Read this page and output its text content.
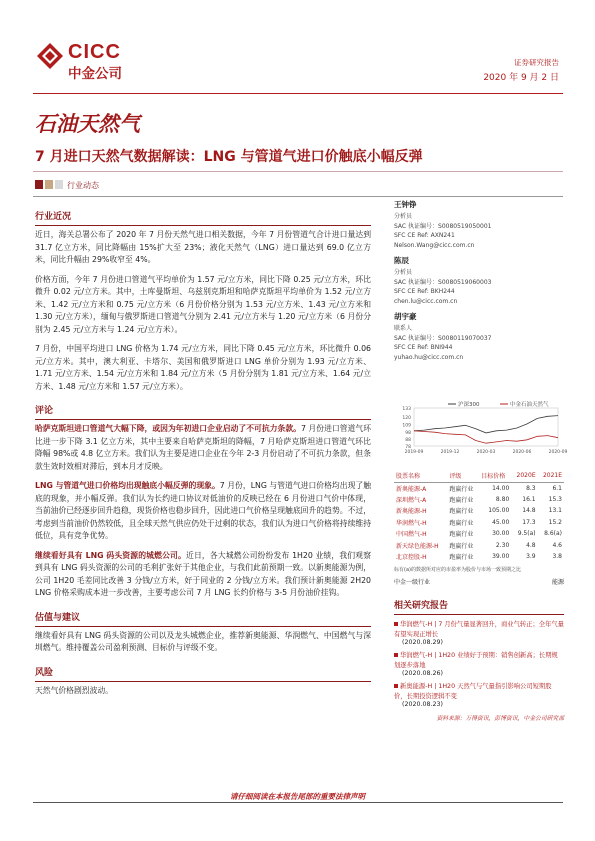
CICC
中金公司
证券研究报告
2020 年 9 月 2 日
石油天然气
7 月进口天然气数据解读：LNG 与管道气进口价触底小幅反弹
行业动态
行业近况

近日，海关总署公布了 2020 年 7 月份天然气进口相关数据，今年 7 月份管道气合计进口量达到 31.7 亿立方米，同比降幅由 15%扩大至 23%；液化天然气（LNG）进口量达到 69.0 亿立方米，同比升幅由 29%收窄至 4%。

价格方面，今年 7 月份进口管道气平均单价为 1.57 元/立方米，同比下降 0.25 元/立方米，环比微升 0.02 元/立方米。其中，土库曼斯坦、乌兹别克斯坦和哈萨克斯坦平均单价为 1.52 元/立方米、1.42 元/立方米和 0.75 元/立方米（6 月份价格分别为 1.53 元/立方米、1.43 元/立方米和 1.30 元/立方米），缅甸与俄罗斯进口管道气分别为 2.41 元/立方米与 1.20 元/立方米（6 月份分别为 2.45 元/立方米与 1.24 元/立方米）。

7 月份，中国平均进口 LNG 价格为 1.74 元/立方米，同比下降 0.45 元/立方米，环比微升 0.06 元/立方米。其中，澳大利亚、卡塔尔、美国和俄罗斯进口 LNG 单价分别为 1.93 元/立方米、1.71 元/立方米、1.54 元/立方米和 1.84 元/立方米（5 月份分别为 1.81 元/立方米、1.64 元/立方米、1.48 元/立方米和 1.57 元/立方米）。

评论

哈萨克斯坦进口管道气大幅下降，或因为年初进口企业启动了不可抗力条款。7 月份进口管道气环比进一步下降 3.1 亿立方米，其中主要来自哈萨克斯坦的降幅，7 月哈萨克斯坦进口管道气环比降幅 98%或 4.8 亿立方米。我们认为主要是进口企业在今年 2-3 月份启动了不可抗力条款，但条款生效时效相对滞后，到本月才反映。

LNG 与管道气进口价格均出现触底小幅反弹的现象。7 月份，LNG 与管道气进口价格均出现了触底的现象，并小幅反弹。我们认为长约进口协议对低油价的反映已经在 6 月份进口气价中体现，当前油价已经逐步回升趋稳，现货价格也稳步回升，因此进口气价格呈现触底回升的趋势。不过，考虑到当前油价仍然较低，且全球天然气供应仍处于过剩的状态，我们认为进口气价格将持续维持低位，具有竞争优势。

继续看好具有 LNG 码头资源的城燃公司。近日，各大城燃公司纷纷发布 1H20 业绩，我们观察到具有 LNG 码头资源的公司的毛利扩张好于其他企业，与我们此前预期一致。以新奥能源为例，公司 1H20 毛差同比改善 3 分钱/立方米，好于同业的 2 分钱/立方米。我们预计新奥能源 2H20 LNG 价格采购成本进一步改善，主要考虑公司 7 月 LNG 长约价格与 3-5 月份油价挂钩。

估值与建议

继续看好具有 LNG 码头资源的公司以及龙头城燃企业，推荐新奥能源、华润燃气、中国燃气与深圳燃气。维持覆盖公司盈利预测、目标价与评级不变。

风险

天然气价格剧烈波动。

王钟铮
分析员
SAC 执证编号：S0080519050001
SFC CE Ref: AXN241
Nelson.Wang@cicc.com.cn
陈辰
分析员
SAC 执证编号：S0080519060003
SFC CE Ref: BKH244
chen.lu@cicc.com.cn
胡宇豪
联系人
SAC 执证编号：S0080119070037
SFC CE Ref: BNI944
yuhao.hu@cicc.com.cn
沪深300	中金石油天然气
133
120
109
98
88
78
2019-09	2019-12	2020-03	2020-06	2020-09
股票名称	评级	目标价格	2020E	2021E
新奥能源-A	跑赢行业	14.00	8.3	6.1
深圳燃气-A	跑赢行业	8.80	16.1	15.3
新奥能源-H	跑赢行业	105.00	14.8	13.1
华润燃气-H	跑赢行业	45.00	17.3	15.2
中国燃气-H	跑赢行业	30.00	9.5(a)	8.6(a)
新天绿色能源-H	跑赢行业	2.30	4.8	4.6
北京控股-H	跑赢行业	39.00	3.9	3.8
标有(a)的数据所对应的市盈率为股价与市场一致预期之比
中金一级行业	能源
相关研究报告
华润燃气-H | 7 月份气量显著回升，商业气转正；全年气量有望实现正增长
(2020.08.29)
华润燃气-H | 1H20 业绩好于预期：销售创新高；长期规划逐步落地
(2020.08.26)
新奥能源-H | 1H20 天然气与气量指引影响公司短期股价，长期投资逻辑不变
(2020.08.23)
资料来源：万得资讯，彭博资讯，中金公司研究部
请仔细阅读在本报告尾部的重要法律声明
